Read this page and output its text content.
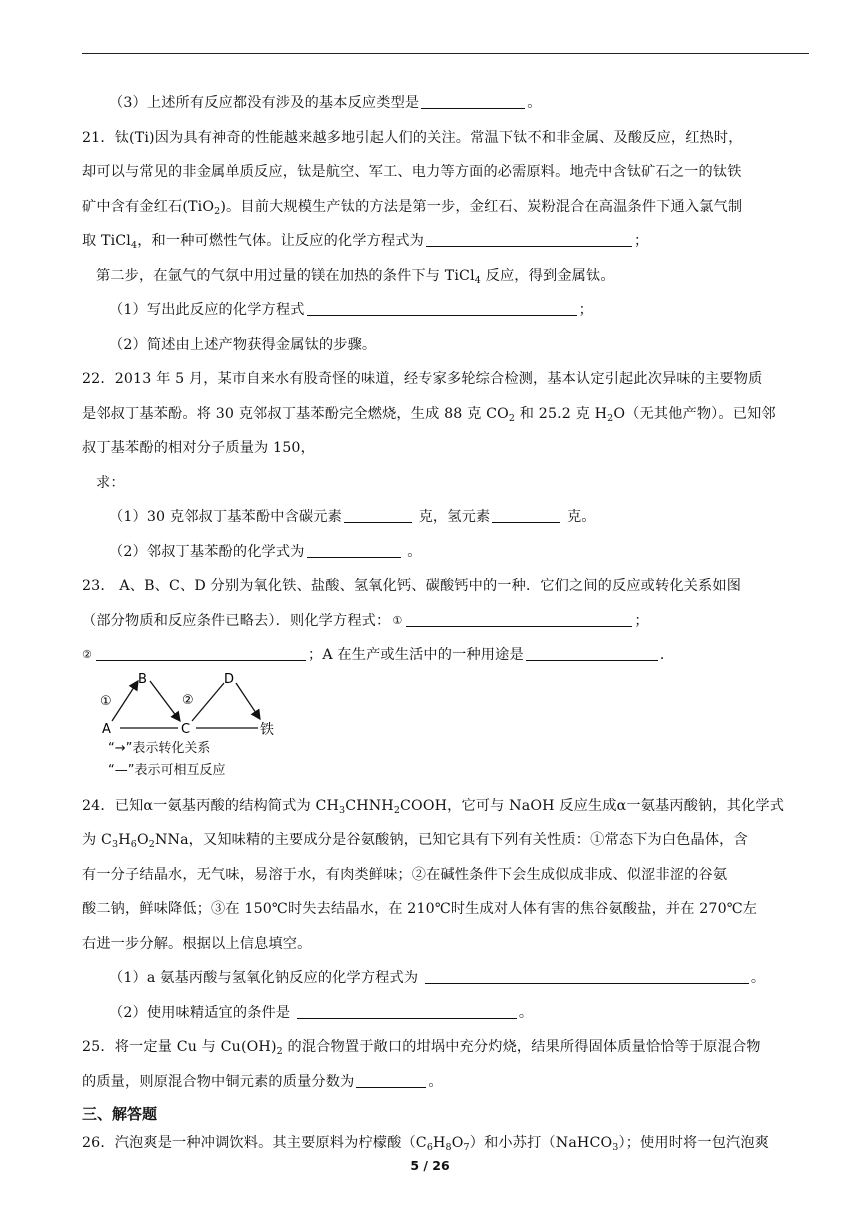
（3）上述所有反应都没有涉及的基本反应类型是	。
21．钛(Ti)因为具有神奇的性能越来越多地引起人们的关注。常温下钛不和非金属、及酸反应，红热时，
却可以与常见的非金属单质反应，钛是航空、军工、电力等方面的必需原料。地壳中含钛矿石之一的钛铁
矿中含有金红石(TiO$_2$)。目前大规模生产钛的方法是第一步，金红石、炭粉混合在高温条件下通入氯气制
取 TiCl$_4$，和一种可燃性气体。让反应的化学方程式为	；
第二步，在氩气的气氛中用过量的镁在加热的条件下与 TiCl$_4$ 反应，得到金属钛。
（1）写出此反应的化学方程式	；
（2）简述由上述产物获得金属钛的步骤。
22．2013 年 5 月，某市自来水有股奇怪的味道，经专家多轮综合检测，基本认定引起此次异味的主要物质
是邻叔丁基苯酚。将 30 克邻叔丁基苯酚完全燃烧，生成 88 克 $CO_2$ 和 25.2 克 $H_2O$（无其他产物）。已知邻
叔丁基苯酚的相对分子质量为 150，
求：
（1）30 克邻叔丁基苯酚中含碳元素	克，氢元素	克。
（2）邻叔丁基苯酚的化学式为	。
23． A、B、C、D 分别为氧化铁、盐酸、氢氧化钙、碳酸钙中的一种．它们之间的反应或转化关系如图
（部分物质和反应条件已略去）．则化学方程式： ①	；
②	；A 在生产或生活中的一种用途是	．
A
B
C
D
铁
①	②
“→”表示转化关系
“—”表示可相互反应
24．已知α一氨基丙酸的结构简式为 $CH_3CHNH_2COOH$，它可与 NaOH 反应生成α一氨基丙酸钠，其化学式
为 $C_3H_6O_2NNa$，又知味精的主要成分是谷氨酸钠，已知它具有下列有关性质：①常态下为白色晶体，含
有一分子结晶水，无气味，易溶于水，有肉类鲜味；②在碱性条件下会生成似成非成、似涩非涩的谷氨
酸二钠，鲜味降低；③在 150℃时失去结晶水，在 210℃时生成对人体有害的焦谷氨酸盐，并在 270℃左
右进一步分解。根据以上信息填空。
（1）a 氨基丙酸与氢氧化钠反应的化学方程式为	。
（2）使用味精适宜的条件是	。
25．将一定量 Cu 与 $Cu(OH)_2$ 的混合物置于敞口的坩埚中充分灼烧，结果所得固体质量恰恰等于原混合物
的质量，则原混合物中铜元素的质量分数为	。
三、解答题
26．汽泡爽是一种冲调饮料。其主要原料为柠檬酸$(C_6H_8O_7)$和小苏打（NaHCO$_3$）；使用时将一包汽泡爽
5 / 26
